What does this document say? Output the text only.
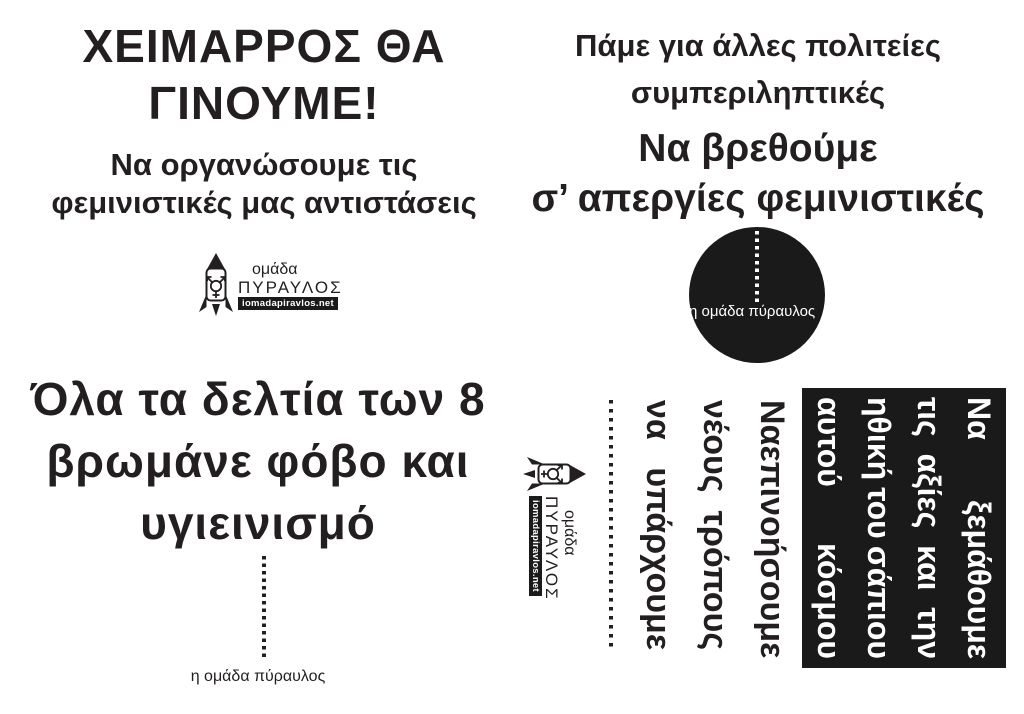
ΧΕΙΜΑΡΡΟΣ ΘΑ
ΓΙΝΟΥΜΕ!
Να οργανώσουμε τις
φεμινιστικές μας αντιστάσεις
ομάδα
ΠΥΡΑΥΛΟΣ
iomadapiravlos.net
Πάμε για άλλες πολιτείες
συμπεριληπτικές
Να βρεθούμε
σ’ απεργίες φεμινιστικές
η ομάδα πύραυλος
Όλα τα δελτία των 8
βρωμάνε φόβο και
υγιεινισμό
η ομάδα πύραυλος
Να
επινοήσουμε
νέους
τρόπους
να
υπάρχουμε
ομάδα
ΠΥΡΑΥΛΟΣ
iomadapiravlos.net
Να
ξεμάθουμε
τις
αξίες
και
την
ηθική
του
σάπιου
αυτού
κόσμου
